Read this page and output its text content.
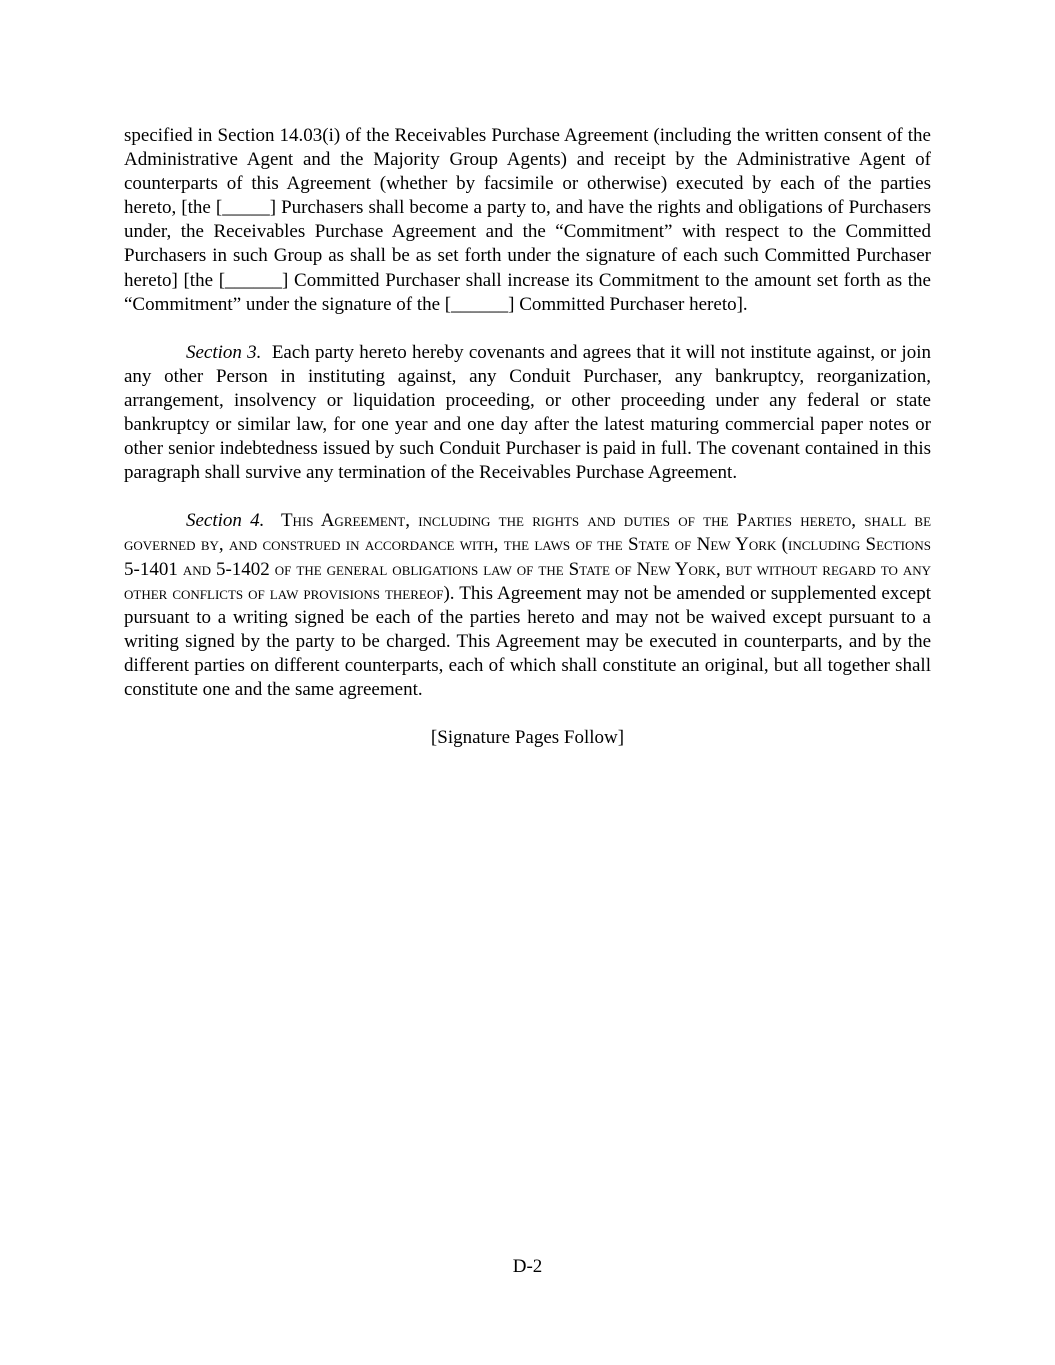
specified in Section 14.03(i) of the Receivables Purchase Agreement (including the written consent of the Administrative Agent and the Majority Group Agents) and receipt by the Administrative Agent of counterparts of this Agreement (whether by facsimile or otherwise) executed by each of the parties hereto, [the [_____] Purchasers shall become a party to, and have the rights and obligations of Purchasers under, the Receivables Purchase Agreement and the “Commitment” with respect to the Committed Purchasers in such Group as shall be as set forth under the signature of each such Committed Purchaser hereto] [the [______] Committed Purchaser shall increase its Commitment to the amount set forth as the “Commitment” under the signature of the [______] Committed Purchaser hereto].

Section 3. Each party hereto hereby covenants and agrees that it will not institute against, or join any other Person in instituting against, any Conduit Purchaser, any bankruptcy, reorganization, arrangement, insolvency or liquidation proceeding, or other proceeding under any federal or state bankruptcy or similar law, for one year and one day after the latest maturing commercial paper notes or other senior indebtedness issued by such Conduit Purchaser is paid in full. The covenant contained in this paragraph shall survive any termination of the Receivables Purchase Agreement.

Section 4. This Agreement, including the rights and duties of the Parties hereto, shall be governed by, and construed in accordance with, the laws of the State of New York (including Sections 5-1401 and 5-1402 of the general obligations law of the State of New York, but without regard to any other conflicts of law provisions thereof). This Agreement may not be amended or supplemented except pursuant to a writing signed be each of the parties hereto and may not be waived except pursuant to a writing signed by the party to be charged. This Agreement may be executed in counterparts, and by the different parties on different counterparts, each of which shall constitute an original, but all together shall constitute one and the same agreement.

[Signature Pages Follow]

D-2
